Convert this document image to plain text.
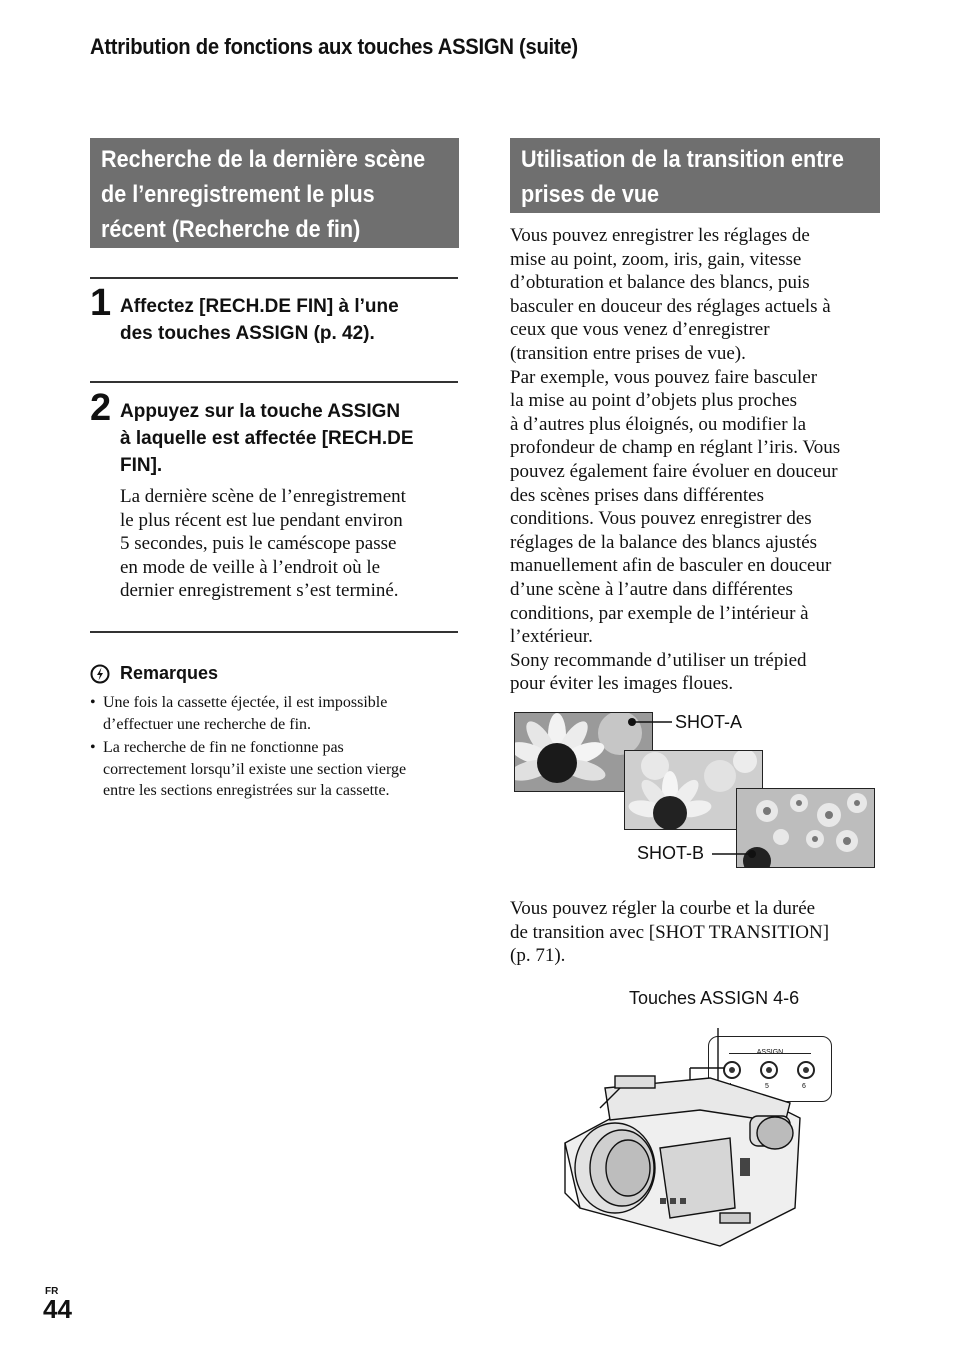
Attribution de fonctions aux touches ASSIGN (suite)
Recherche de la dernière scène
de l’enregistrement le plus
récent (Recherche de fin)
1 Affectez [RECH.DE FIN] à l’une
des touches ASSIGN (p. 42).
2 Appuyez sur la touche ASSIGN
à laquelle est affectée [RECH.DE
FIN].
La dernière scène de l’enregistrement
le plus récent est lue pendant environ
5 secondes, puis le caméscope passe
en mode de veille à l’endroit où le
dernier enregistrement s’est terminé.
Remarques
• Une fois la cassette éjectée, il est impossible
d’effectuer une recherche de fin.
• La recherche de fin ne fonctionne pas
correctement lorsqu’il existe une section vierge
entre les sections enregistrées sur la cassette.
Utilisation de la transition entre
prises de vue
Vous pouvez enregistrer les réglages de
mise au point, zoom, iris, gain, vitesse
d’obturation et balance des blancs, puis
basculer en douceur des réglages actuels à
ceux que vous venez d’enregistrer
(transition entre prises de vue).
Par exemple, vous pouvez faire basculer
la mise au point d’objets plus proches
à d’autres plus éloignés, ou modifier la
profondeur de champ en réglant l’iris. Vous
pouvez également faire évoluer en douceur
des scènes prises dans différentes
conditions. Vous pouvez enregistrer des
réglages de la balance des blancs ajustés
manuellement afin de basculer en douceur
d’une scène à l’autre dans différentes
conditions, par exemple de l’intérieur à
l’extérieur.
Sony recommande d’utiliser un trépied
pour éviter les images floues.
SHOT-A
SHOT-B
Vous pouvez régler la courbe et la durée
de transition avec [SHOT TRANSITION]
(p. 71).
Touches ASSIGN 4-6
5	6
FR
44
